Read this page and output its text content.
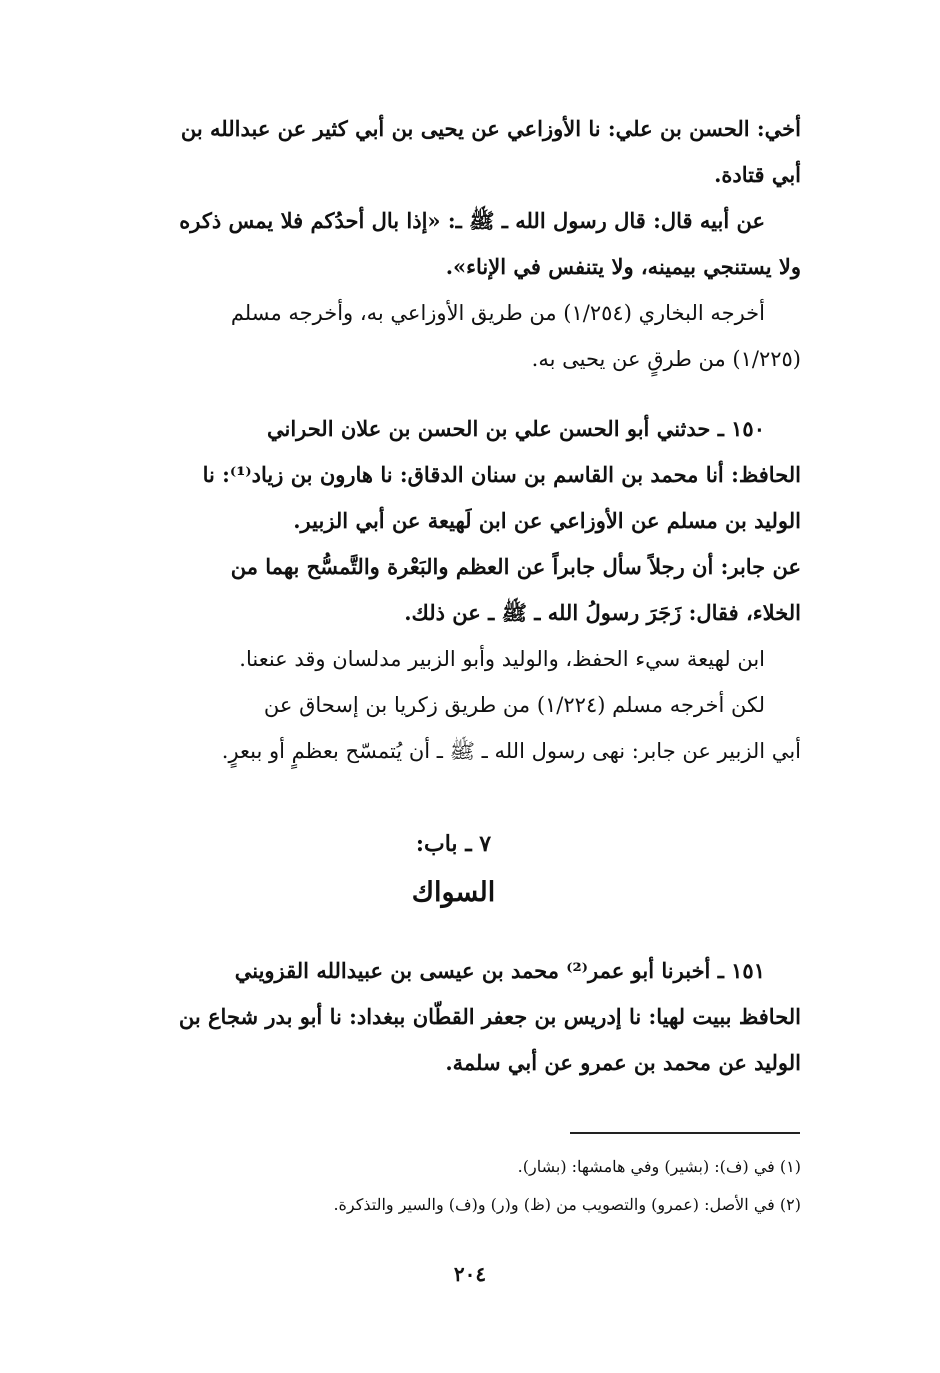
أخي: الحسن بن علي: نا الأوزاعي عن يحيى بن أبي كثير عن عبدالله بن
أبي قتادة.
عن أبيه قال: قال رسول الله ـ ﷺ ـ: «إذا بال أحدُكم فلا يمس ذكره
ولا يستنجي بيمينه، ولا يتنفس في الإناء».
أخرجه البخاري (١/٢٥٤) من طريق الأوزاعي به، وأخرجه مسلم
(١/٢٢٥) من طرقٍ عن يحيى به.
١٥٠ ـ حدثني أبو الحسن علي بن الحسن بن علان الحراني
الحافظ: أنا محمد بن القاسم بن سنان الدقاق: نا هارون بن زياد⁽¹⁾: نا
الوليد بن مسلم عن الأوزاعي عن ابن لَهيعة عن أبي الزبير.
عن جابر: أن رجلاً سأل جابراً عن العظم والبَعْرة والتَّمسُّح بهما من
الخلاء، فقال: زَجَرَ رسولُ الله ـ ﷺ ـ عن ذلك.
ابن لهيعة سيء الحفظ، والوليد وأبو الزبير مدلسان وقد عنعنا.
لكن أخرجه مسلم (١/٢٢٤) من طريق زكريا بن إسحاق عن
أبي الزبير عن جابر: نهى رسول الله ـ ﷺ ـ أن يُتمسّح بعظمٍ أو ببعرٍ.
٧ ـ باب:
السواك
١٥١ ـ أخبرنا أبو عمر⁽²⁾ محمد بن عيسى بن عبيدالله القزويني
الحافظ ببيت لهيا: نا إدريس بن جعفر القطّان ببغداد: نا أبو بدر شجاع بن
الوليد عن محمد بن عمرو عن أبي سلمة.
(١) في (ف): (بشير) وفي هامشها: (بشار).
(٢) في الأصل: (عمرو) والتصويب من (ظ) و(ر) و(ف) والسير والتذكرة.
٢٠٤
